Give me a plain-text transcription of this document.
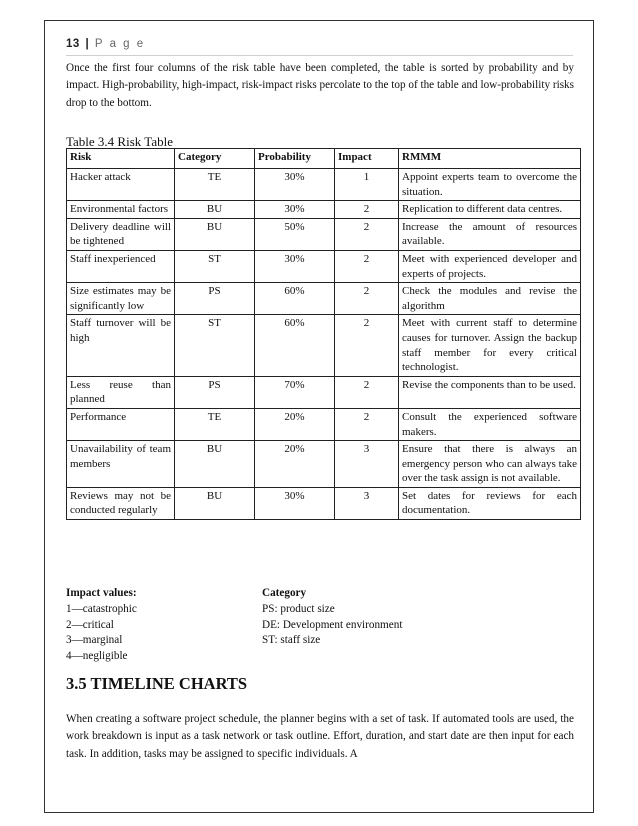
13 | P a g e

Once the first four columns of the risk table have been completed, the table is sorted by probability and by impact. High-probability, high-impact, risk-impact risks percolate to the top of the table and low-probability risks drop to the bottom.

Table 3.4 Risk Table
Risk	Category	Probability	Impact	RMMM
Hacker attack	TE	30%	1	Appoint experts team to overcome the situation.
Environmental factors	BU	30%	2	Replication to different data centres.
Delivery deadline will be tightened	BU	50%	2	Increase the amount of resources available.
Staff inexperienced	ST	30%	2	Meet with experienced developer and experts of projects.
Size estimates may be significantly low	PS	60%	2	Check the modules and revise the algorithm
Staff turnover will be high	ST	60%	2	Meet with current staff to determine causes for turnover. Assign the backup staff member for every critical technologist.
Less reuse than planned	PS	70%	2	Revise the components than to be used.
Performance	TE	20%	2	Consult the experienced software makers.
Unavailability of team members	BU	20%	3	Ensure that there is always an emergency person who can always take over the task assign is not available.
Reviews may not be conducted regularly	BU	30%	3	Set dates for reviews for each documentation.
Impact values:
1—catastrophic
2—critical
3—marginal
4—negligible
Category
PS: product size
DE: Development environment
ST: staff size
3.5 TIMELINE CHARTS

When creating a software project schedule, the planner begins with a set of task. If automated tools are used, the work breakdown is input as a task network or task outline. Effort, duration, and start date are then input for each task. In addition, tasks may be assigned to specific individuals. A
